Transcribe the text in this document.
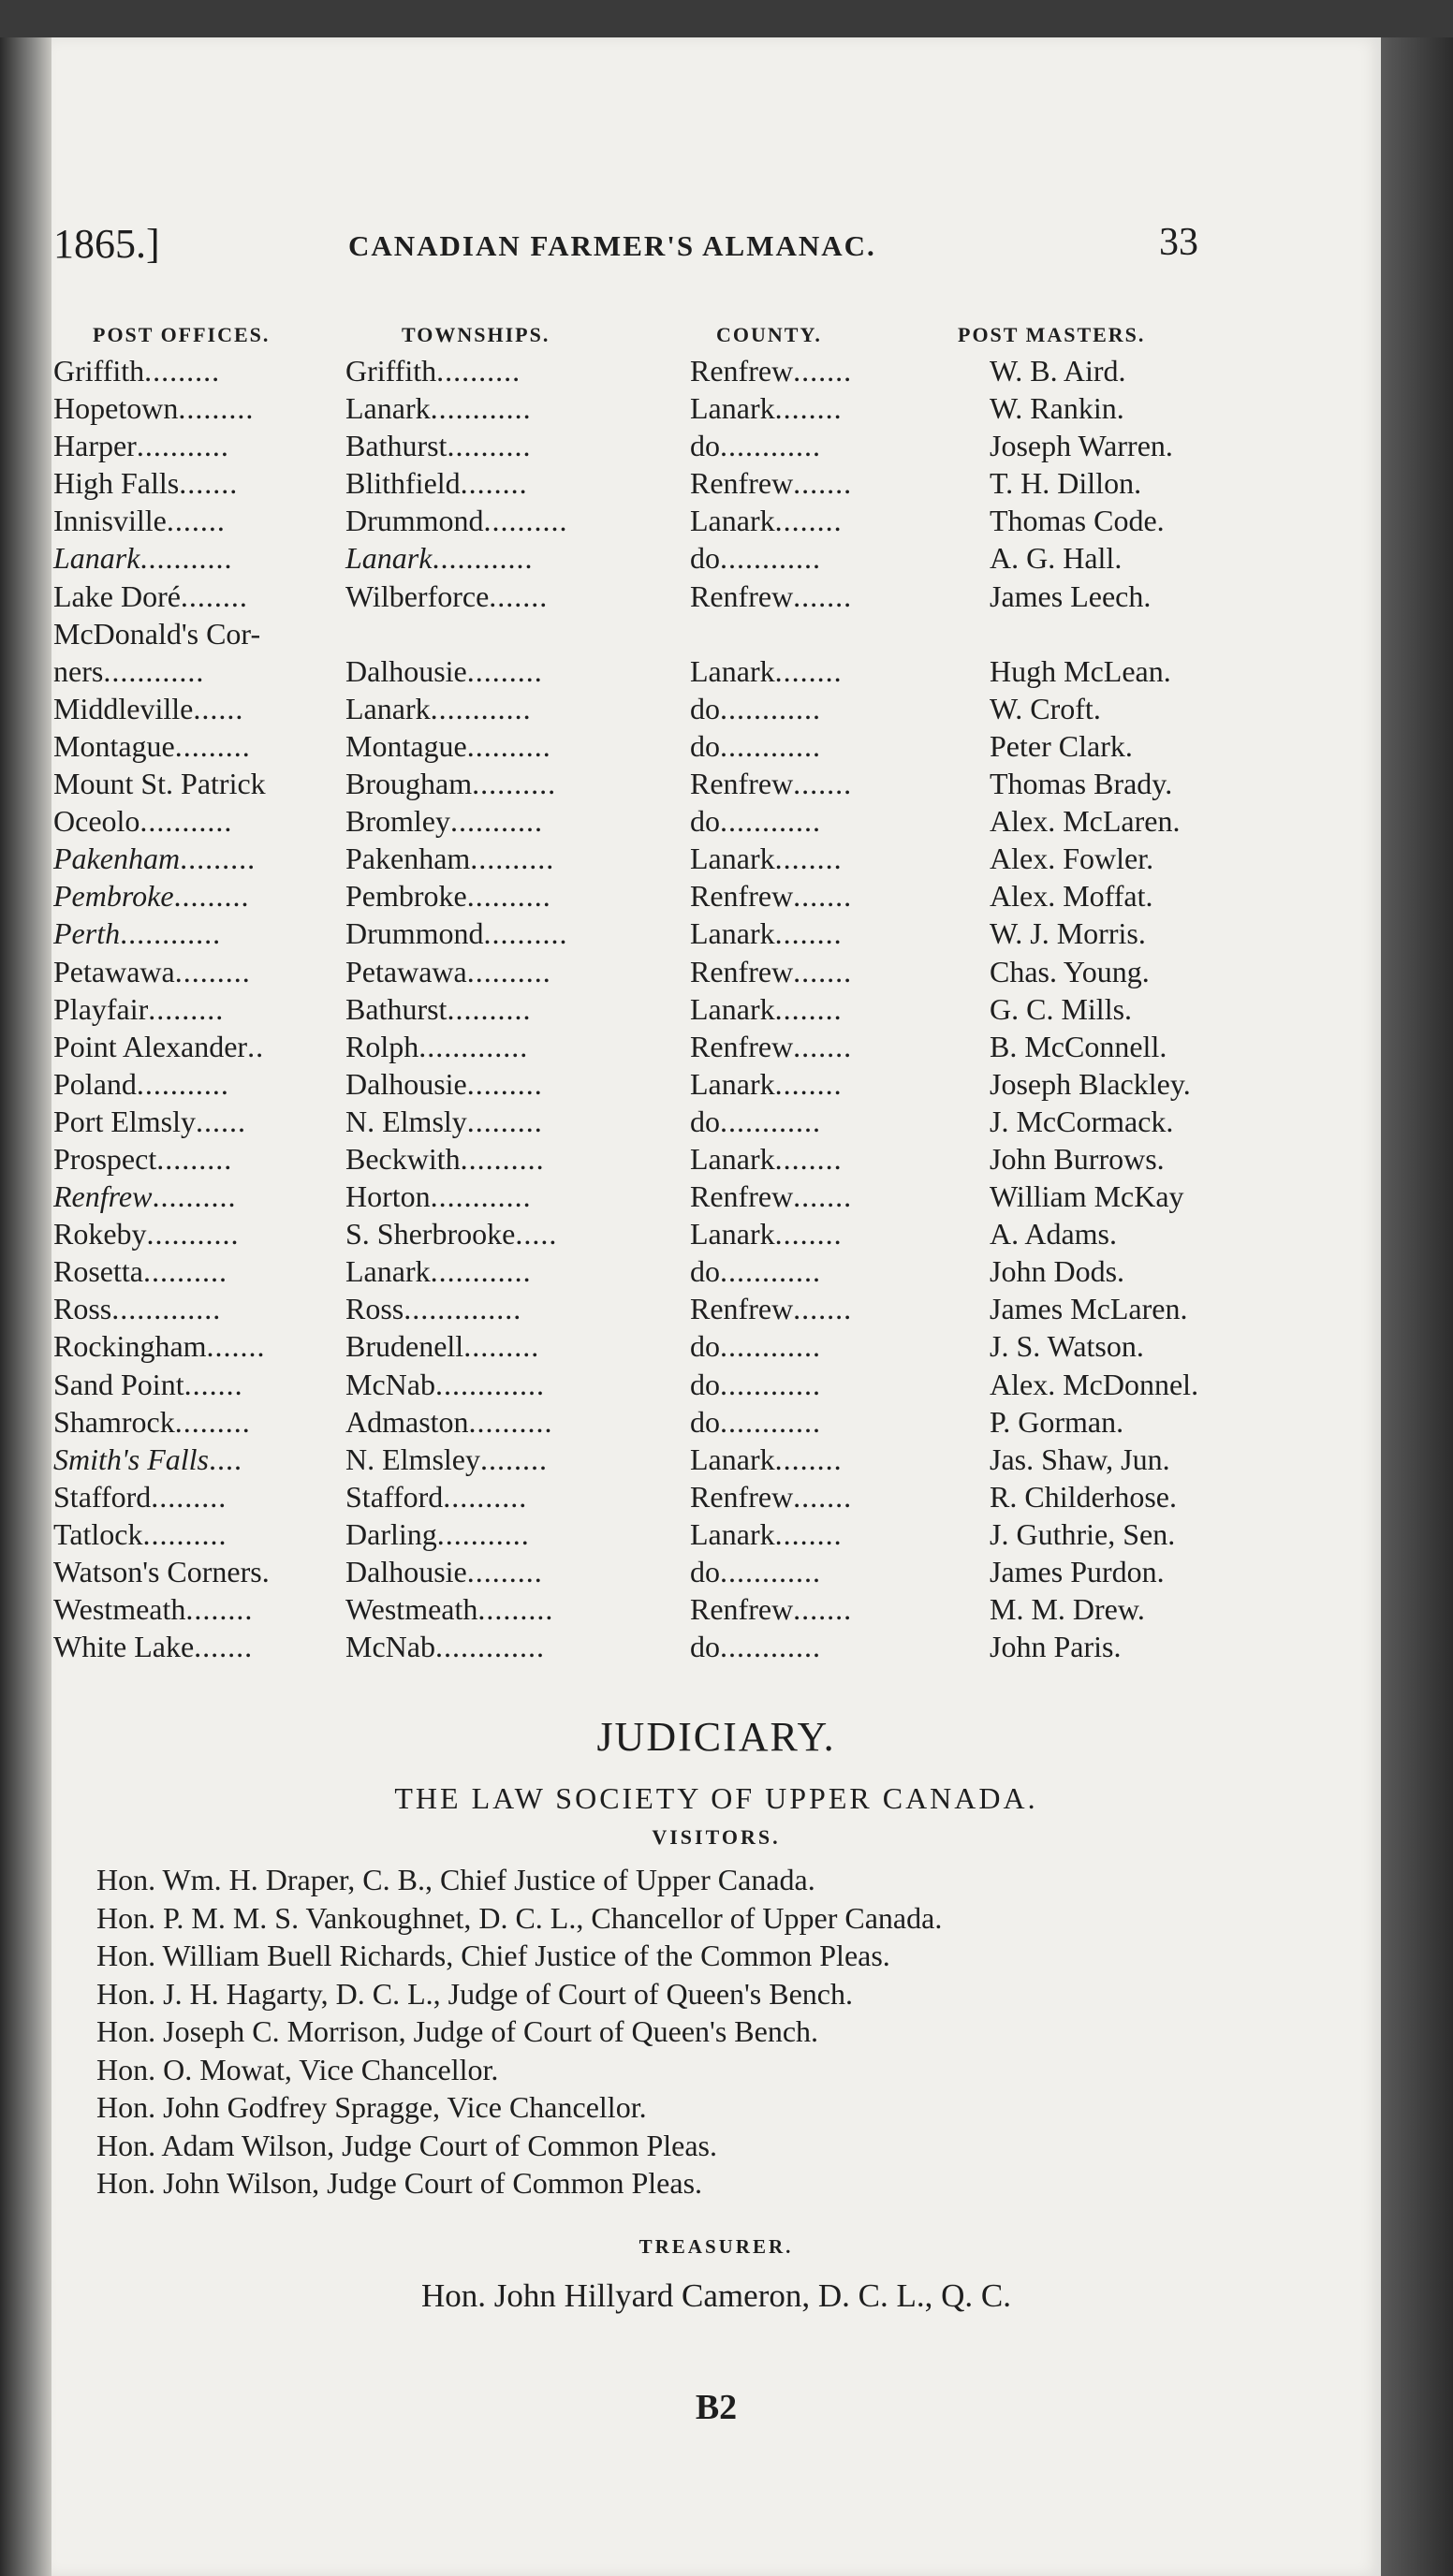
1865.]	CANADIAN FARMER'S ALMANAC.	33
POST OFFICES.	TOWNSHIPS.	COUNTY.	POST MASTERS.
Griffith.........	Griffith..........	Renfrew.......	W. B. Aird.
Hopetown.........	Lanark............	Lanark........	W. Rankin.
Harper...........	Bathurst..........	do............	Joseph Warren.
High Falls.......	Blithfield........	Renfrew.......	T. H. Dillon.
Innisville.......	Drummond..........	Lanark........	Thomas Code.
Lanark...........	Lanark............	do............	A. G. Hall.
Lake Doré........	Wilberforce.......	Renfrew.......	James Leech.
McDonald's Cor-
ners............	Dalhousie.........	Lanark........	Hugh McLean.
Middleville......	Lanark............	do............	W. Croft.
Montague.........	Montague..........	do............	Peter Clark.
Mount St. Patrick	Brougham..........	Renfrew.......	Thomas Brady.
Oceolo...........	Bromley...........	do............	Alex. McLaren.
Pakenham.........	Pakenham..........	Lanark........	Alex. Fowler.
Pembroke.........	Pembroke..........	Renfrew.......	Alex. Moffat.
Perth............	Drummond..........	Lanark........	W. J. Morris.
Petawawa.........	Petawawa..........	Renfrew.......	Chas. Young.
Playfair.........	Bathurst..........	Lanark........	G. C. Mills.
Point Alexander..	Rolph.............	Renfrew.......	B. McConnell.
Poland...........	Dalhousie.........	Lanark........	Joseph Blackley.
Port Elmsly......	N. Elmsly.........	do............	J. McCormack.
Prospect.........	Beckwith..........	Lanark........	John Burrows.
Renfrew..........	Horton............	Renfrew.......	William McKay
Rokeby...........	S. Sherbrooke.....	Lanark........	A. Adams.
Rosetta..........	Lanark............	do............	John Dods.
Ross.............	Ross..............	Renfrew.......	James McLaren.
Rockingham.......	Brudenell.........	do............	J. S. Watson.
Sand Point.......	McNab.............	do............	Alex. McDonnel.
Shamrock.........	Admaston..........	do............	P. Gorman.
Smith's Falls....	N. Elmsley........	Lanark........	Jas. Shaw, Jun.
Stafford.........	Stafford..........	Renfrew.......	R. Childerhose.
Tatlock..........	Darling...........	Lanark........	J. Guthrie, Sen.
Watson's Corners.	Dalhousie.........	do............	James Purdon.
Westmeath........	Westmeath.........	Renfrew.......	M. M. Drew.
White Lake.......	McNab.............	do............	John Paris.
JUDICIARY.
THE LAW SOCIETY OF UPPER CANADA.
VISITORS.
Hon. Wm. H. Draper, C. B., Chief Justice of Upper Canada.
Hon. P. M. M. S. Vankoughnet, D. C. L., Chancellor of Upper Canada.
Hon. William Buell Richards, Chief Justice of the Common Pleas.
Hon. J. H. Hagarty, D. C. L., Judge of Court of Queen's Bench.
Hon. Joseph C. Morrison, Judge of Court of Queen's Bench.
Hon. O. Mowat, Vice Chancellor.
Hon. John Godfrey Spragge, Vice Chancellor.
Hon. Adam Wilson, Judge Court of Common Pleas.
Hon. John Wilson, Judge Court of Common Pleas.
TREASURER.
Hon. John Hillyard Cameron, D. C. L., Q. C.
B2
